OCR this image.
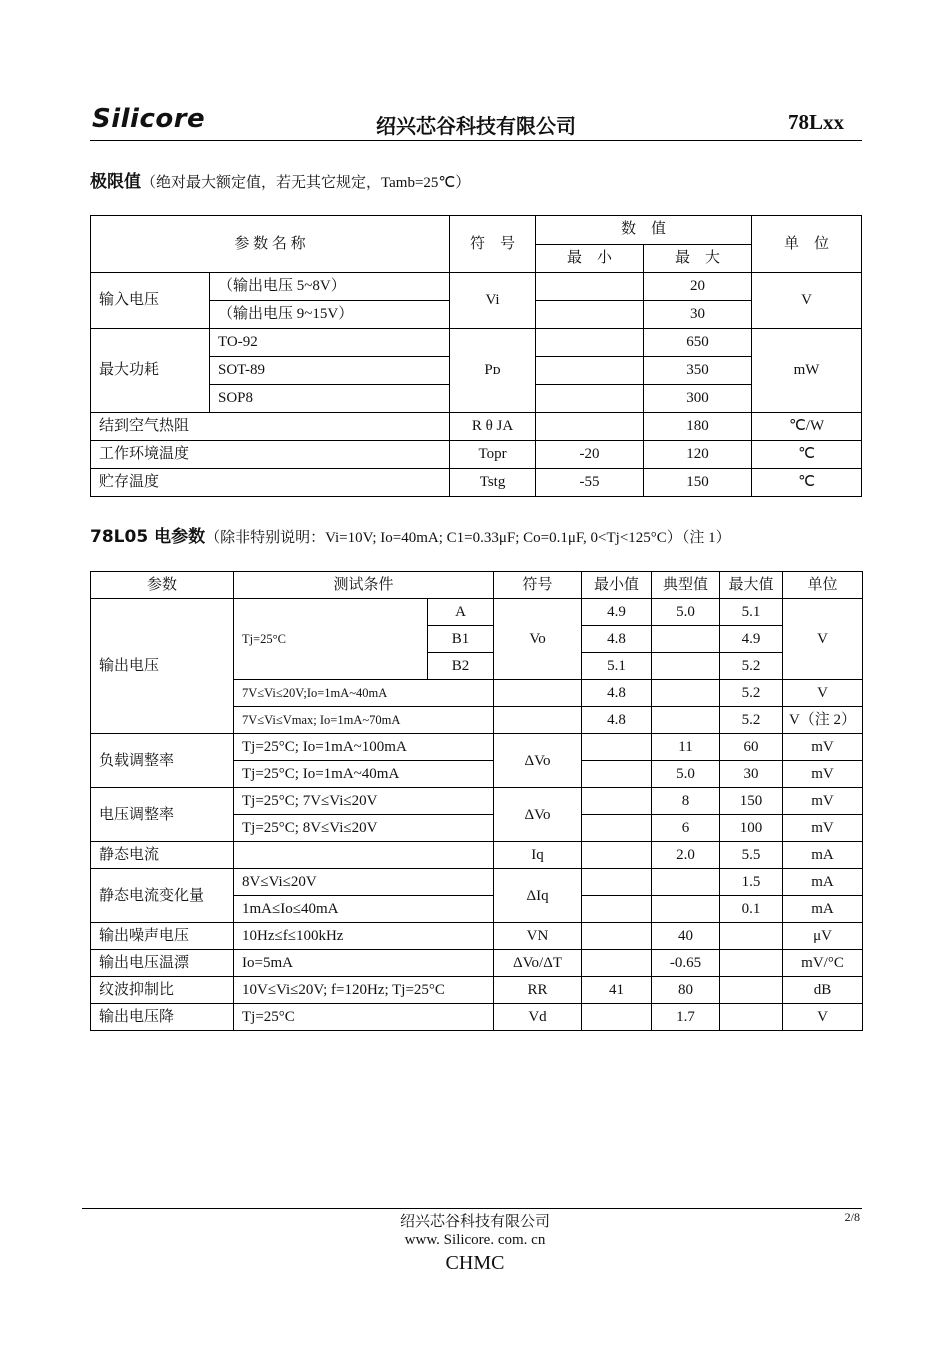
Silicore	绍兴芯谷科技有限公司	78Lxx
极限值（绝对最大额定值，若无其它规定，Tamb=25℃）
参 数 名 称		符　号	数　值		单　位
			最　小	最　大	
输入电压	（输出电压 5~8V）	Vi		20	V
	（输出电压 9~15V）			30	
最大功耗	TO-92	Pᴅ		650	mW
	SOT-89			350	
	SOP8			300	
结到空气热阻		R θ JA		180	℃/W
工作环境温度		Topr	-20	120	℃
贮存温度		Tstg	-55	150	℃
78L05 电参数（除非特别说明：Vi=10V; Io=40mA; C1=0.33μF; Co=0.1μF, 0<Tj<125°C）（注 1）
参数	测试条件		符号	最小值	典型值	最大值	单位
输出电压	Tj=25°C	A	Vo	4.9	5.0	5.1	V
		B1		4.8		4.9	
		B2		5.1		5.2	
	7V≤Vi≤20V;Io=1mA~40mA			4.8		5.2	V
	7V≤Vi≤Vmax; Io=1mA~70mA			4.8		5.2	V（注 2）
负载调整率	Tj=25°C; Io=1mA~100mA		ΔVo		11	60	mV
	Tj=25°C; Io=1mA~40mA				5.0	30	mV
电压调整率	Tj=25°C; 7V≤Vi≤20V		ΔVo		8	150	mV
	Tj=25°C; 8V≤Vi≤20V				6	100	mV
静态电流			Iq		2.0	5.5	mA
静态电流变化量	8V≤Vi≤20V		ΔIq			1.5	mA
	1mA≤Io≤40mA					0.1	mA
输出噪声电压	10Hz≤f≤100kHz		VN		40		μV
输出电压温漂	Io=5mA		ΔVo/ΔT		-0.65		mV/°C
纹波抑制比	10V≤Vi≤20V; f=120Hz; Tj=25°C		RR	41	80		dB
输出电压降	Tj=25°C		Vd		1.7		V
2/8
绍兴芯谷科技有限公司
www. Silicore. com. cn
CHMC
